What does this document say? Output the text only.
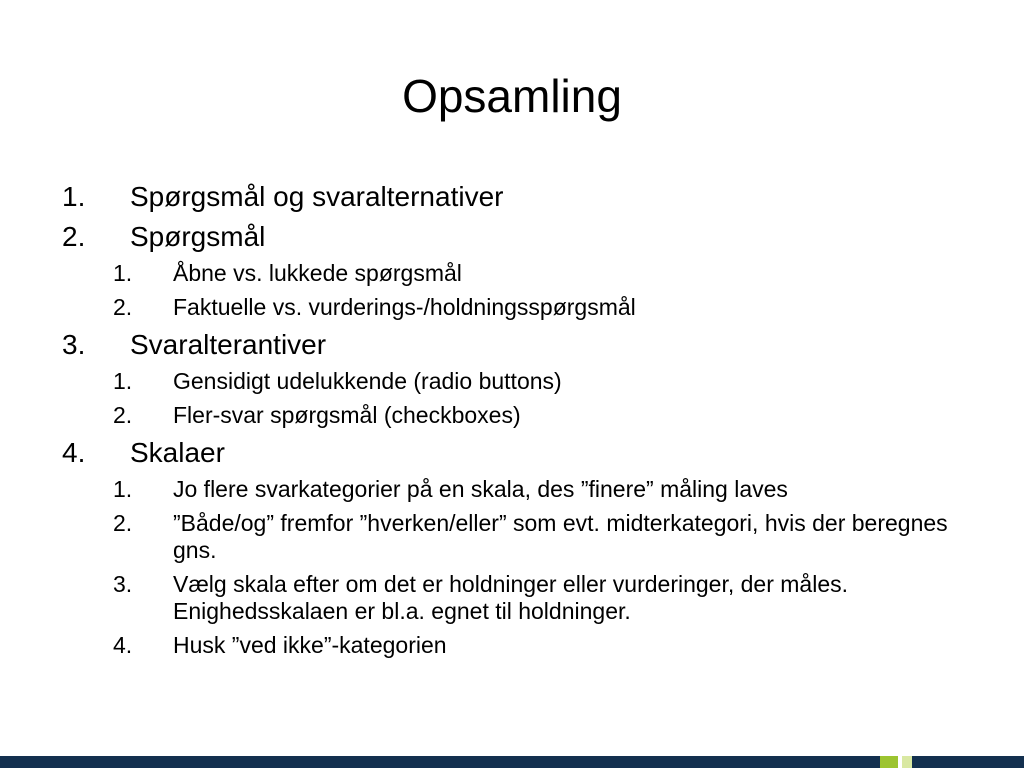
Opsamling
1. Spørgsmål og svaralternativer
2. Spørgsmål
1. Åbne vs. lukkede spørgsmål
2. Faktuelle vs. vurderings-/holdningsspørgsmål
3. Svaralterantiver
1. Gensidigt udelukkende (radio buttons)
2. Fler-svar spørgsmål (checkboxes)
4. Skalaer
1. Jo flere svarkategorier på en skala, des ”finere” måling laves
2. ”Både/og” fremfor ”hverken/eller” som evt. midterkategori, hvis der beregnes gns.
3. Vælg skala efter om det er holdninger eller vurderinger, der måles. Enighedsskalaen er bl.a. egnet til holdninger.
4. Husk ”ved ikke”-kategorien
